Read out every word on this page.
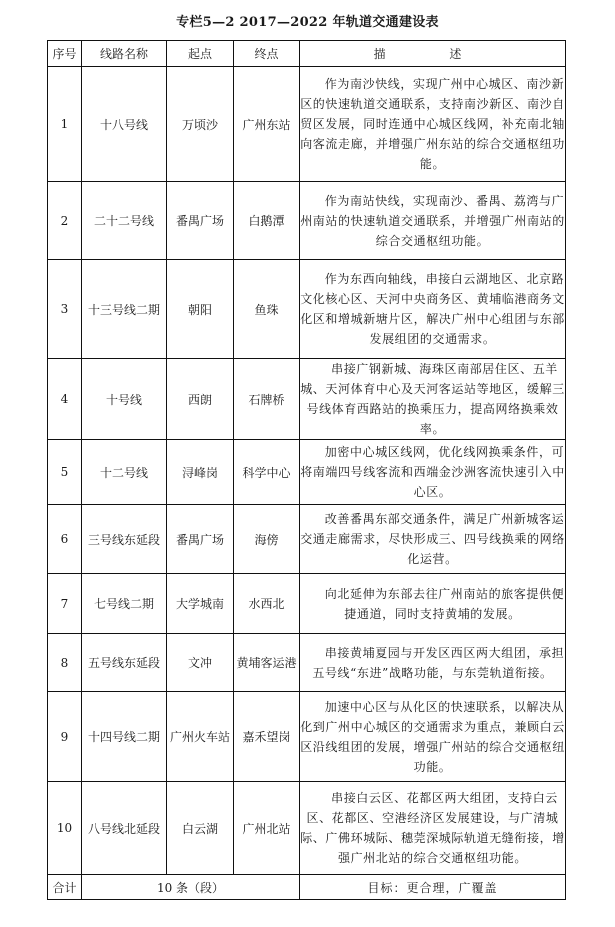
专栏5—2 2017—2022 年轨道交通建设表
序号	线路名称	起点	终点	描 述
1	十八号线	万顷沙	广州东站	作为南沙快线，实现广州中心城区、南沙新区的快速轨道交通联系，支持南沙新区、南沙自贸区发展，同时连通中心城区线网，补充南北轴向客流走廊，并增强广州东站的综合交通枢纽功能。
2	二十二号线	番禺广场	白鹅潭	作为南站快线，实现南沙、番禺、荔湾与广州南站的快速轨道交通联系，并增强广州南站的综合交通枢纽功能。
3	十三号线二期	朝阳	鱼珠	作为东西向轴线，串接白云湖地区、北京路文化核心区、天河中央商务区、黄埔临港商务文化区和增城新塘片区，解决广州中心组团与东部发展组团的交通需求。
4	十号线	西朗	石牌桥	串接广钢新城、海珠区南部居住区、五羊城、天河体育中心及天河客运站等地区，缓解三号线体育西路站的换乘压力，提高网络换乘效率。
5	十二号线	浔峰岗	科学中心	加密中心城区线网，优化线网换乘条件，可将南端四号线客流和西端金沙洲客流快速引入中心区。
6	三号线东延段	番禺广场	海傍	改善番禺东部交通条件，满足广州新城客运交通走廊需求，尽快形成三、四号线换乘的网络化运营。
7	七号线二期	大学城南	水西北	向北延伸为东部去往广州南站的旅客提供便捷通道，同时支持黄埔的发展。
8	五号线东延段	文冲	黄埔客运港	串接黄埔夏园与开发区西区两大组团，承担五号线“东进”战略功能，与东莞轨道衔接。
9	十四号线二期	广州火车站	嘉禾望岗	加速中心区与从化区的快速联系，以解决从化到广州中心城区的交通需求为重点，兼顾白云区沿线组团的发展，增强广州站的综合交通枢纽功能。
10	八号线北延段	白云湖	广州北站	串接白云区、花都区两大组团，支持白云区、花都区、空港经济区发展建设，与广清城际、广佛环城际、穗莞深城际轨道无缝衔接，增强广州北站的综合交通枢纽功能。
合计	10 条（段）			目标：更合理，广覆盖
